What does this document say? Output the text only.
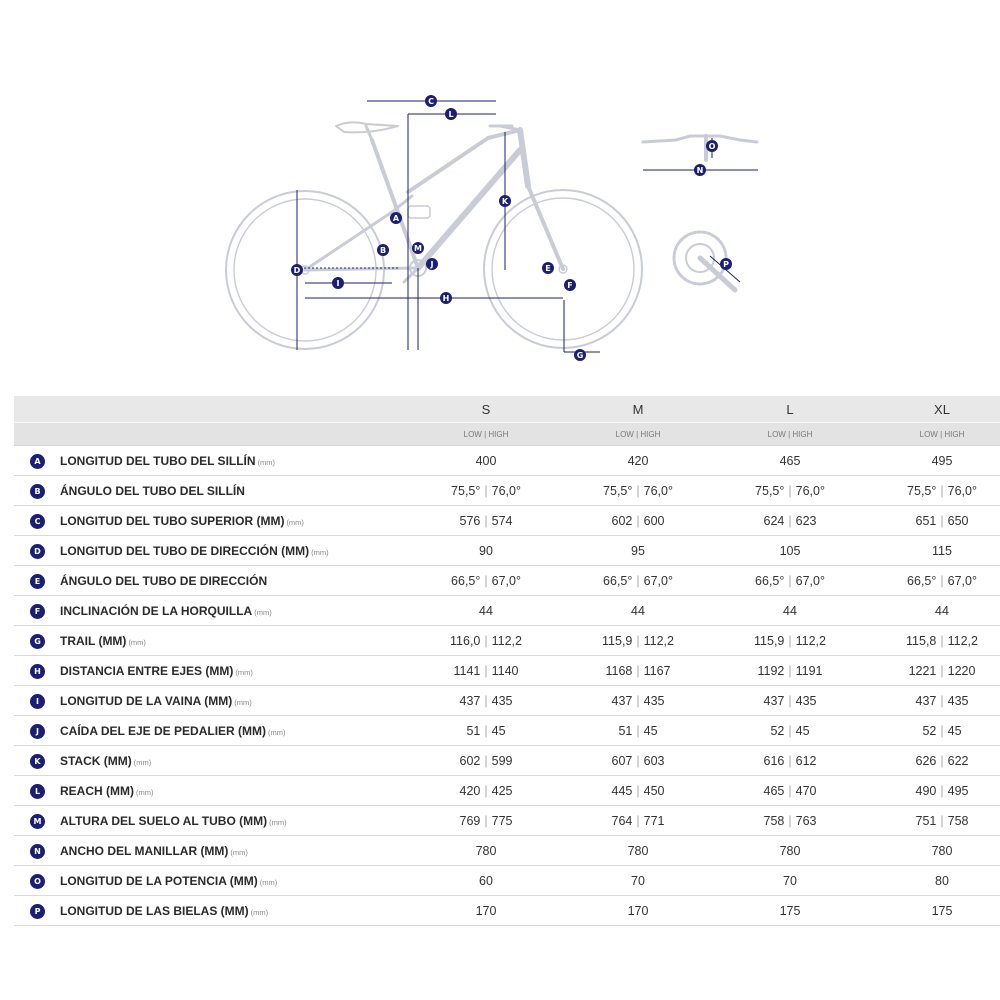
A
B
C
D	E
F
G
H
I
J
K
L
M
N
O
P
		S	M	L	XL
		LOW | HIGH	LOW | HIGH	LOW | HIGH	LOW | HIGH
A	LONGITUD DEL TUBO DEL SILLÍN (mm)	400	420	465	495
B	ÁNGULO DEL TUBO DEL SILLÍN	75,5° | 76,0°	75,5° | 76,0°	75,5° | 76,0°	75,5° | 76,0°
C	LONGITUD DEL TUBO SUPERIOR (MM) (mm)	576 | 574	602 | 600	624 | 623	651 | 650
D	LONGITUD DEL TUBO DE DIRECCIÓN (MM) (mm)	90	95	105	115
E	ÁNGULO DEL TUBO DE DIRECCIÓN	66,5° | 67,0°	66,5° | 67,0°	66,5° | 67,0°	66,5° | 67,0°
F	INCLINACIÓN DE LA HORQUILLA (mm)	44	44	44	44
G	TRAIL (MM) (mm)	116,0 | 112,2	115,9 | 112,2	115,9 | 112,2	115,8 | 112,2
H	DISTANCIA ENTRE EJES (MM) (mm)	1141 | 1140	1168 | 1167	1192 | 1191	1221 | 1220
I	LONGITUD DE LA VAINA (MM) (mm)	437 | 435	437 | 435	437 | 435	437 | 435
J	CAÍDA DEL EJE DE PEDALIER (MM) (mm)	51 | 45	51 | 45	52 | 45	52 | 45
K	STACK (MM) (mm)	602 | 599	607 | 603	616 | 612	626 | 622
L	REACH (MM) (mm)	420 | 425	445 | 450	465 | 470	490 | 495
M	ALTURA DEL SUELO AL TUBO (MM) (mm)	769 | 775	764 | 771	758 | 763	751 | 758
N	ANCHO DEL MANILLAR (MM) (mm)	780	780	780	780
O	LONGITUD DE LA POTENCIA (MM) (mm)	60	70	70	80
P	LONGITUD DE LAS BIELAS (MM) (mm)	170	170	175	175
